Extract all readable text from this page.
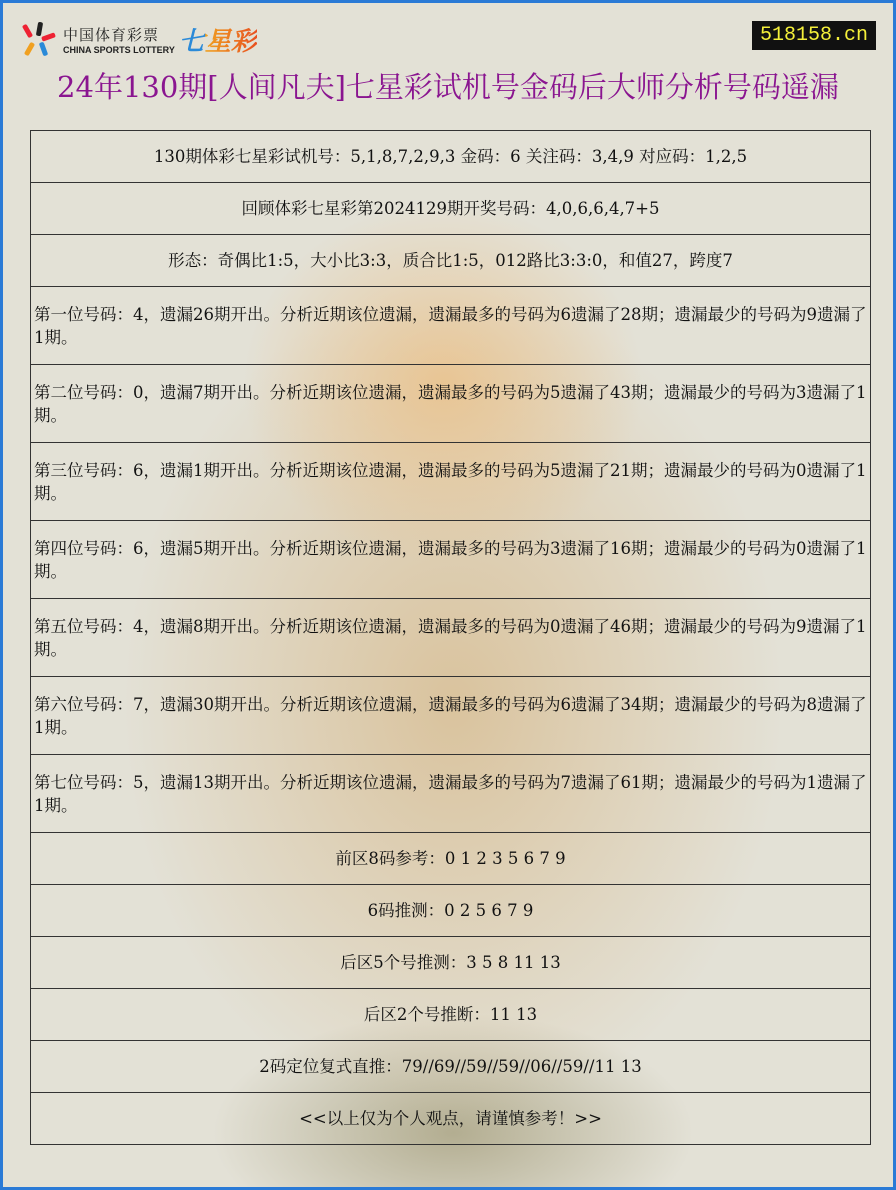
中国体育彩票
CHINA SPORTS LOTTERY 七星彩	518158.cn
24年130期[人间凡夫]七星彩试机号金码后大师分析号码遥漏
130期体彩七星彩试机号：5,1,8,7,2,9,3 金码：6 关注码：3,4,9 对应码：1,2,5
回顾体彩七星彩第2024129期开奖号码：4,0,6,6,4,7+5
形态：奇偶比1:5，大小比3:3，质合比1:5，012路比3:3:0，和值27，跨度7
第一位号码：4，遗漏26期开出。分析近期该位遗漏，遗漏最多的号码为6遗漏了28期；遗漏最少的号码为9遗漏了1期。
第二位号码：0，遗漏7期开出。分析近期该位遗漏，遗漏最多的号码为5遗漏了43期；遗漏最少的号码为3遗漏了1期。
第三位号码：6，遗漏1期开出。分析近期该位遗漏，遗漏最多的号码为5遗漏了21期；遗漏最少的号码为0遗漏了1期。
第四位号码：6，遗漏5期开出。分析近期该位遗漏，遗漏最多的号码为3遗漏了16期；遗漏最少的号码为0遗漏了1期。
第五位号码：4，遗漏8期开出。分析近期该位遗漏，遗漏最多的号码为0遗漏了46期；遗漏最少的号码为9遗漏了1期。
第六位号码：7，遗漏30期开出。分析近期该位遗漏，遗漏最多的号码为6遗漏了34期；遗漏最少的号码为8遗漏了1期。
第七位号码：5，遗漏13期开出。分析近期该位遗漏，遗漏最多的号码为7遗漏了61期；遗漏最少的号码为1遗漏了1期。
前区8码参考：0 1 2 3 5 6 7 9
6码推测：0 2 5 6 7 9
后区5个号推测：3 5 8 11 13
后区2个号推断：11 13
2码定位复式直推：79//69//59//59//06//59//11 13
<<以上仅为个人观点，请谨慎参考！>>
